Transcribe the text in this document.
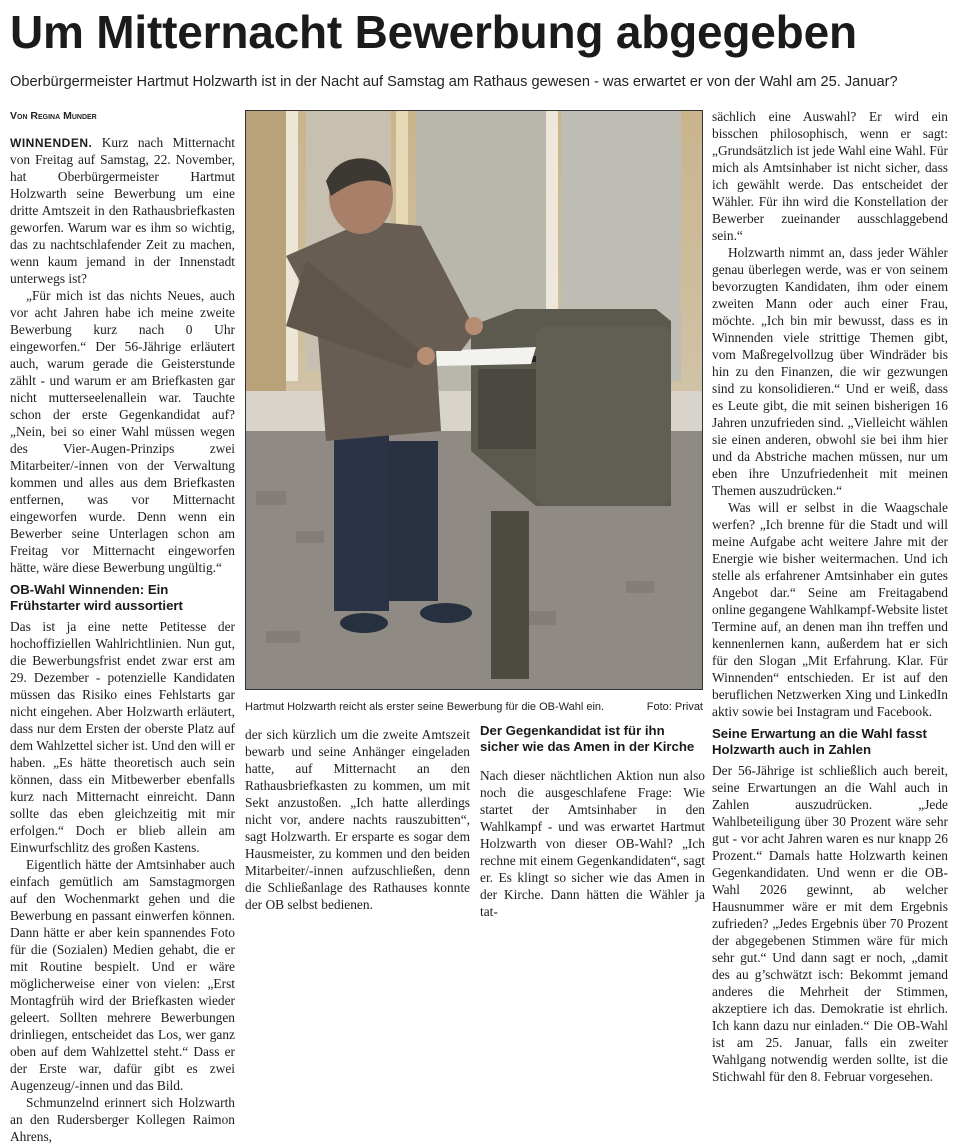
Um Mitternacht Bewerbung abgegeben

Oberbürgermeister Hartmut Holzwarth ist in der Nacht auf Samstag am Rathaus gewesen - was erwartet er von der Wahl am 25. Januar?

Von Regina Munder

WINNENDEN. Kurz nach Mitternacht von Freitag auf Samstag, 22. November, hat Oberbürgermeister Hartmut Holzwarth seine Bewerbung um eine dritte Amtszeit in den Rathausbriefkasten geworfen. Warum war es ihm so wichtig, das zu nachtschlafender Zeit zu machen, wenn kaum jemand in der Innenstadt unterwegs ist?

„Für mich ist das nichts Neues, auch vor acht Jahren habe ich meine zweite Bewerbung kurz nach 0 Uhr eingeworfen.“ Der 56-Jährige erläutert auch, warum gerade die Geisterstunde zählt - und warum er am Briefkasten gar nicht mutterseelenallein war. Tauchte schon der erste Gegenkandidat auf? „Nein, bei so einer Wahl müssen wegen des Vier-Augen-Prinzips zwei Mitarbeiter/-innen von der Verwaltung kommen und alles aus dem Briefkasten entfernen, was vor Mitternacht eingeworfen wurde. Denn wenn ein Bewerber seine Unterlagen schon am Freitag vor Mitternacht eingeworfen hätte, wäre diese Bewerbung ungültig.“

OB-Wahl Winnenden: Ein Frühstarter wird aussortiert

Das ist ja eine nette Petitesse der hochoffiziellen Wahlrichtlinien. Nun gut, die Bewerbungsfrist endet zwar erst am 29. Dezember - potenzielle Kandidaten müssen das Risiko eines Fehlstarts gar nicht eingehen. Aber Holzwarth erläutert, dass nur dem Ersten der oberste Platz auf dem Wahlzettel sicher ist. Und den will er haben. „Es hätte theoretisch auch sein können, dass ein Mitbewerber ebenfalls kurz nach Mitternacht einreicht. Dann sollte das eben gleichzeitig mit mir erfolgen.“ Doch er blieb allein am Einwurfschlitz des großen Kastens.

Eigentlich hätte der Amtsinhaber auch einfach gemütlich am Samstagmorgen auf den Wochenmarkt gehen und die Bewerbung en passant einwerfen können. Dann hätte er aber kein spannendes Foto für die (Sozialen) Medien gehabt, die er mit Routine bespielt. Und er wäre möglicherweise einer von vielen: „Erst Montagfrüh wird der Briefkasten wieder geleert. Sollten mehrere Bewerbungen drinliegen, entscheidet das Los, wer ganz oben auf dem Wahlzettel steht.“ Dass er der Erste war, dafür gibt es zwei Augenzeug/-innen und das Bild.

Schmunzelnd erinnert sich Holzwarth an den Rudersberger Kollegen Raimon Ahrens,

Hartmut Holzwarth reicht als erster seine Bewerbung für die OB-Wahl ein.	Foto: Privat

der sich kürzlich um die zweite Amtszeit bewarb und seine Anhänger eingeladen hatte, auf Mitternacht an den Rathausbriefkasten zu kommen, um mit Sekt anzustoßen. „Ich hatte allerdings nicht vor, andere nachts rauszubitten“, sagt Holzwarth. Er ersparte es sogar dem Hausmeister, zu kommen und den beiden Mitarbeiter/-innen aufzuschließen, denn die Schließanlage des Rathauses konnte der OB selbst bedienen.

Der Gegenkandidat ist für ihn sicher wie das Amen in der Kirche

Nach dieser nächtlichen Aktion nun also noch die ausgeschlafene Frage: Wie startet der Amtsinhaber in den Wahlkampf - und was erwartet Hartmut Holzwarth von dieser OB-Wahl? „Ich rechne mit einem Gegenkandidaten“, sagt er. Es klingt so sicher wie das Amen in der Kirche. Dann hätten die Wähler ja tat-

sächlich eine Auswahl? Er wird ein bisschen philosophisch, wenn er sagt: „Grundsätzlich ist jede Wahl eine Wahl. Für mich als Amtsinhaber ist nicht sicher, dass ich gewählt werde. Das entscheidet der Wähler. Für ihn wird die Konstellation der Bewerber zueinander ausschlaggebend sein.“

Holzwarth nimmt an, dass jeder Wähler genau überlegen werde, was er von seinem bevorzugten Kandidaten, ihm oder einem zweiten Mann oder auch einer Frau, möchte. „Ich bin mir bewusst, dass es in Winnenden viele strittige Themen gibt, vom Maßregelvollzug über Windräder bis hin zu den Finanzen, die wir gezwungen sind zu konsolidieren.“ Und er weiß, dass es Leute gibt, die mit seinen bisherigen 16 Jahren unzufrieden sind. „Vielleicht wählen sie einen anderen, obwohl sie bei ihm hier und da Abstriche machen müssen, nur um eben ihre Unzufriedenheit mit meinen Themen auszudrücken.“

Was will er selbst in die Waagschale werfen? „Ich brenne für die Stadt und will meine Aufgabe acht weitere Jahre mit der Energie wie bisher weitermachen. Und ich stelle als erfahrener Amtsinhaber ein gutes Angebot dar.“ Seine am Freitagabend online gegangene Wahlkampf-Website listet Termine auf, an denen man ihn treffen und kennenlernen kann, außerdem hat er sich für den Slogan „Mit Erfahrung. Klar. Für Winnenden“ entschieden. Er ist auf den beruflichen Netzwerken Xing und LinkedIn aktiv sowie bei Instagram und Facebook.

Seine Erwartung an die Wahl fasst Holzwarth auch in Zahlen

Der 56-Jährige ist schließlich auch bereit, seine Erwartungen an die Wahl auch in Zahlen auszudrücken. „Jede Wahlbeteiligung über 30 Prozent wäre sehr gut - vor acht Jahren waren es nur knapp 26 Prozent.“ Damals hatte Holzwarth keinen Gegenkandidaten. Und wenn er die OB-Wahl 2026 gewinnt, ab welcher Hausnummer wäre er mit dem Ergebnis zufrieden? „Jedes Ergebnis über 70 Prozent der abgegebenen Stimmen wäre für mich sehr gut.“ Und dann sagt er noch, „damit des au g’schwätzt isch: Bekommt jemand anderes die Mehrheit der Stimmen, akzeptiere ich das. Demokratie ist ehrlich. Ich kann dazu nur einladen.“ Die OB-Wahl ist am 25. Januar, falls ein zweiter Wahlgang notwendig werden sollte, ist die Stichwahl für den 8. Februar vorgesehen.
